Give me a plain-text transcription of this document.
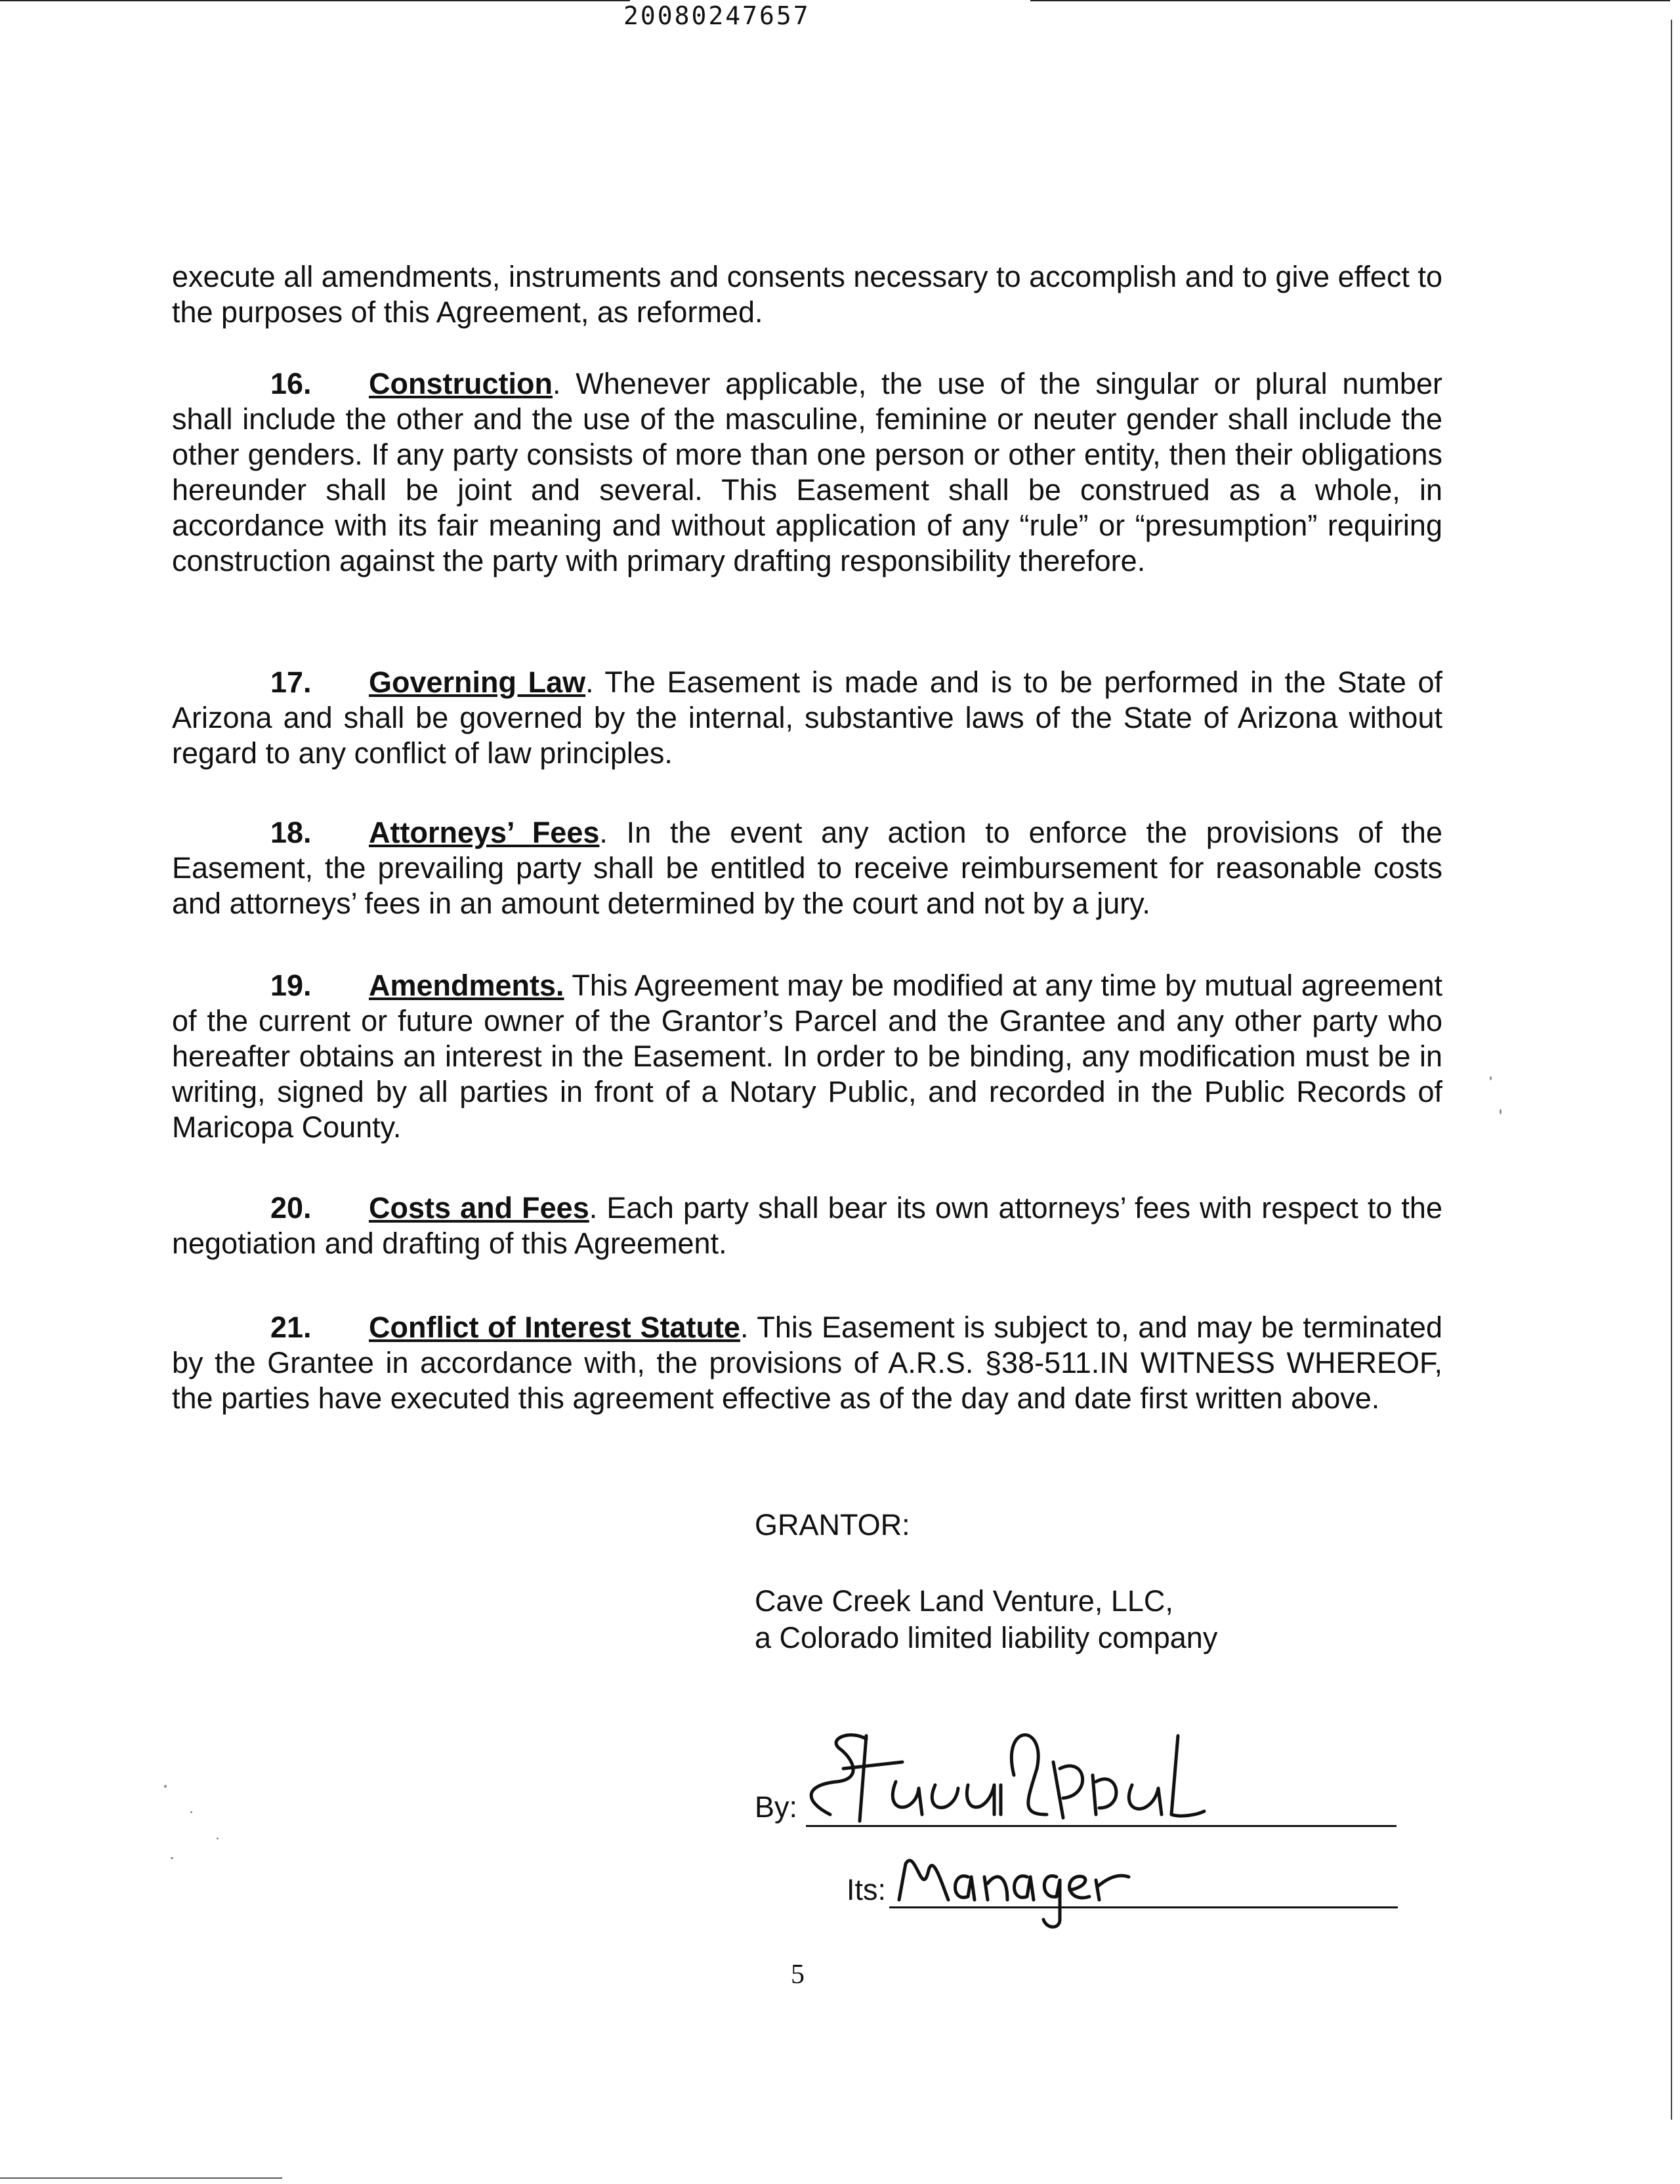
20080247657

execute all amendments, instruments and consents necessary to accomplish and to give effect to the purposes of this Agreement, as reformed.

16. Construction. Whenever applicable, the use of the singular or plural number shall include the other and the use of the masculine, feminine or neuter gender shall include the other genders. If any party consists of more than one person or other entity, then their obligations hereunder shall be joint and several. This Easement shall be construed as a whole, in accordance with its fair meaning and without application of any “rule” or “presumption” requiring construction against the party with primary drafting responsibility therefore.

17. Governing Law. The Easement is made and is to be performed in the State of Arizona and shall be governed by the internal, substantive laws of the State of Arizona without regard to any conflict of law principles.

18. Attorneys’ Fees. In the event any action to enforce the provisions of the Easement, the prevailing party shall be entitled to receive reimbursement for reasonable costs and attorneys’ fees in an amount determined by the court and not by a jury.

19. Amendments. This Agreement may be modified at any time by mutual agreement of the current or future owner of the Grantor’s Parcel and the Grantee and any other party who hereafter obtains an interest in the Easement. In order to be binding, any modification must be in writing, signed by all parties in front of a Notary Public, and recorded in the Public Records of Maricopa County.

20. Costs and Fees. Each party shall bear its own attorneys’ fees with respect to the negotiation and drafting of this Agreement.

21. Conflict of Interest Statute. This Easement is subject to, and may be terminated by the Grantee in accordance with, the provisions of A.R.S. §38-511.IN WITNESS WHEREOF, the parties have executed this agreement effective as of the day and date first written above.

GRANTOR:
Cave Creek Land Venture, LLC,
a Colorado limited liability company
By:
Its:
5
